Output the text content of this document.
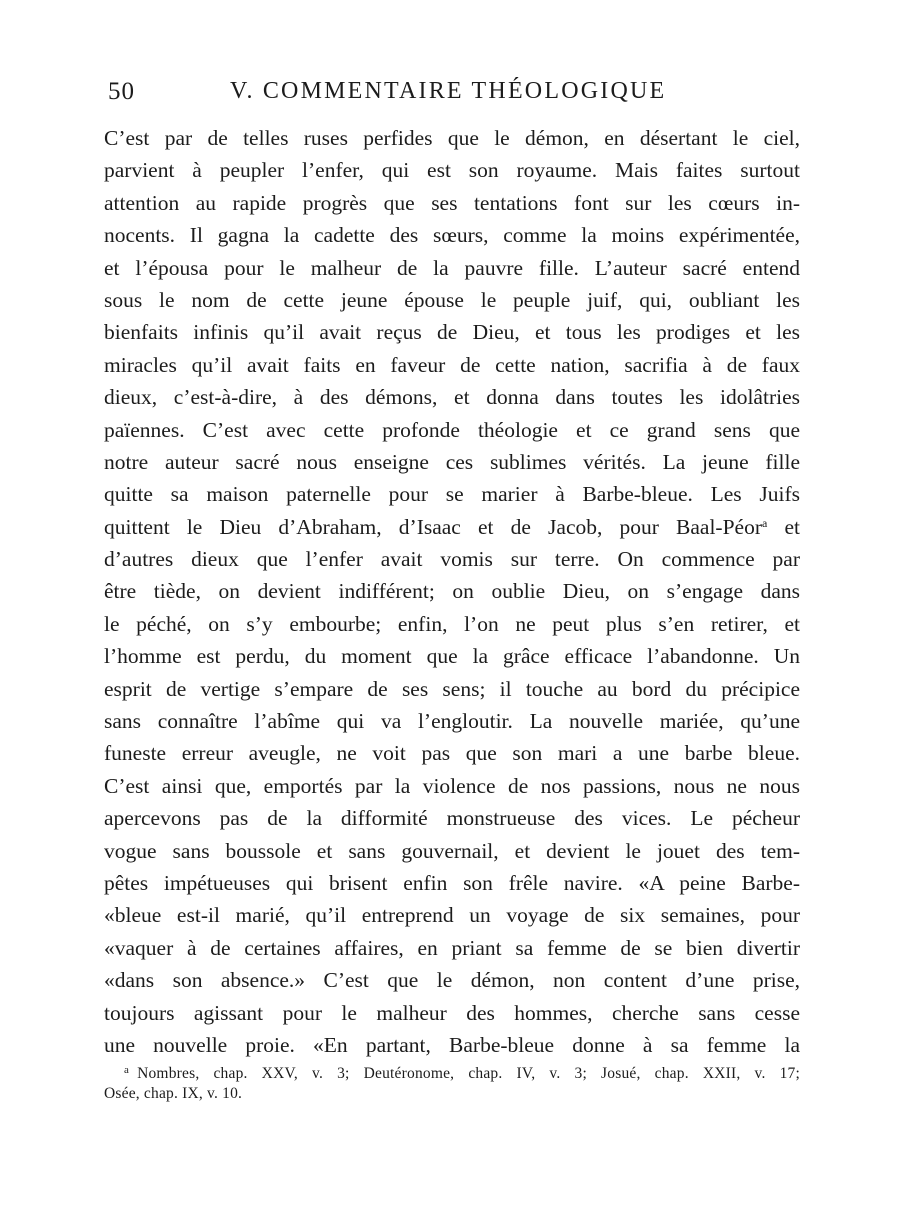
50	V. COMMENTAIRE THÉOLOGIQUE
C’est par de telles ruses perfides que le démon, en désertant le ciel,
parvient à peupler l’enfer, qui est son royaume. Mais faites surtout
attention au rapide progrès que ses tentations font sur les cœurs in-
nocents. Il gagna la cadette des sœurs, comme la moins expérimentée,
et l’épousa pour le malheur de la pauvre fille. L’auteur sacré entend
sous le nom de cette jeune épouse le peuple juif, qui, oubliant les
bienfaits infinis qu’il avait reçus de Dieu, et tous les prodiges et les
miracles qu’il avait faits en faveur de cette nation, sacrifia à de faux
dieux, c’est-à-dire, à des démons, et donna dans toutes les idolâtries
païennes. C’est avec cette profonde théologie et ce grand sens que
notre auteur sacré nous enseigne ces sublimes vérités. La jeune fille
quitte sa maison paternelle pour se marier à Barbe-bleue. Les Juifs
quittent le Dieu d’Abraham, d’Isaac et de Jacob, pour Baal-Péor$^a$ et
d’autres dieux que l’enfer avait vomis sur terre. On commence par
être tiède, on devient indifférent; on oublie Dieu, on s’engage dans
le péché, on s’y embourbe; enfin, l’on ne peut plus s’en retirer, et
l’homme est perdu, du moment que la grâce efficace l’abandonne. Un
esprit de vertige s’empare de ses sens; il touche au bord du précipice
sans connaître l’abîme qui va l’engloutir. La nouvelle mariée, qu’une
funeste erreur aveugle, ne voit pas que son mari a une barbe bleue.
C’est ainsi que, emportés par la violence de nos passions, nous ne nous
apercevons pas de la difformité monstrueuse des vices. Le pécheur
vogue sans boussole et sans gouvernail, et devient le jouet des tem-
pêtes impétueuses qui brisent enfin son frêle navire. «A peine Barbe-
«bleue est-il marié, qu’il entreprend un voyage de six semaines, pour
«vaquer à de certaines affaires, en priant sa femme de se bien divertir
«dans son absence.» C’est que le démon, non content d’une prise,
toujours agissant pour le malheur des hommes, cherche sans cesse
une nouvelle proie. «En partant, Barbe-bleue donne à sa femme la
$^a$ Nombres, chap. XXV, v. 3; Deutéronome, chap. IV, v. 3; Josué, chap. XXII, v. 17;
Osée, chap. IX, v. 10.
